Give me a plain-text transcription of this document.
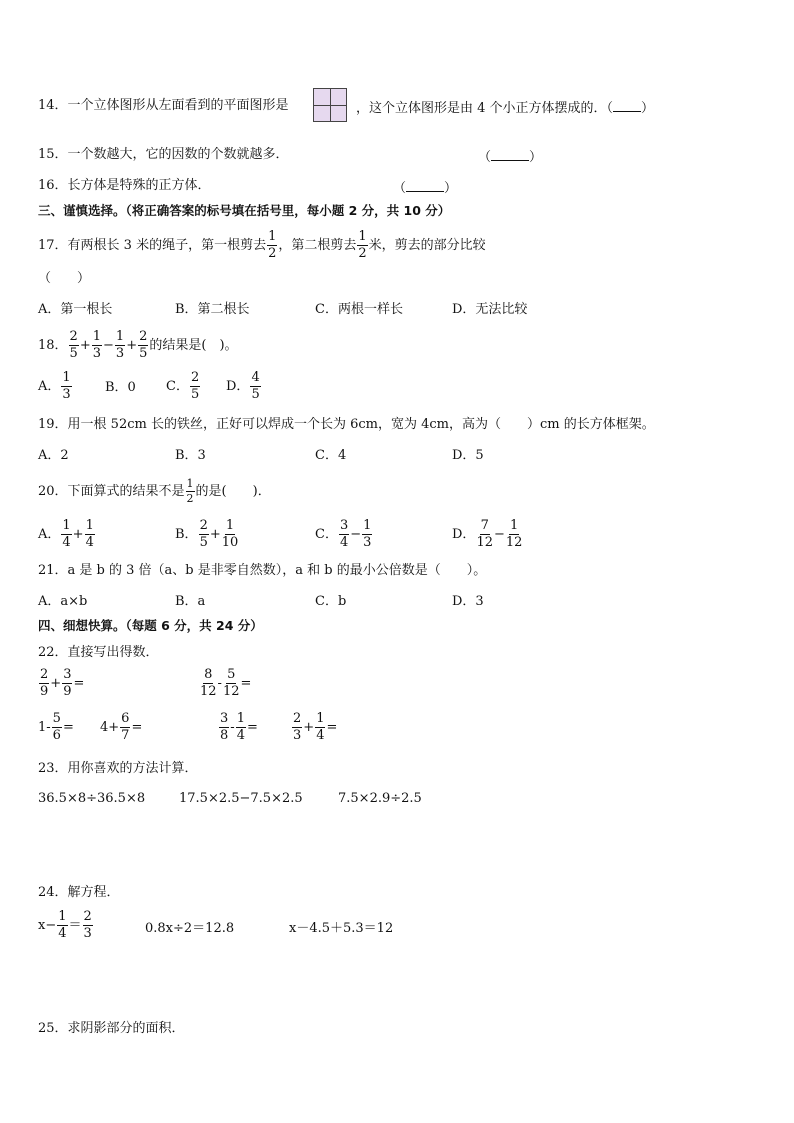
14．一个立体图形从左面看到的平面图形是	，这个立体图形是由 4 个小正方体摆成的．（ ）
15．一个数越大，它的因数的个数就越多．	（	）
16．长方体是特殊的正方体．	（	）
三、谨慎选择。（将正确答案的标号填在括号里，每小题 2 分，共 10 分）
17．有两根长 3 米的绳子，第一根剪去 $\frac{1}{2}$ ，第二根剪去 $\frac{1}{2}$ 米，剪去的部分比较
（　　）
A．第一根长	B．第二根长	C．两根一样长	D．无法比较
18． $\frac{2}{5} + \frac{1}{3} - \frac{1}{3} + \frac{2}{5}$ 的结果是(　)。
A． $\frac{1}{3}$	B．0 C． $\frac{2}{5}$ D． $\frac{4}{5}$
19．用一根 52cm 长的铁丝，正好可以焊成一个长为 6cm，宽为 4cm，高为（　　）cm 的长方体框架。
A．2	B．3	C．4	D．5
20．下面算式的结果不是 $\frac{1}{2}$ 的是(　　)．
A． $\frac{1}{4} + \frac{1}{4}$	B． $\frac{2}{5} + \frac{1}{10}$	C． $\frac{3}{4} - \frac{1}{3}$	D． $\frac{7}{12} - \frac{1}{12}$
21．a 是 b 的 3 倍（a、b 是非零自然数），a 和 b 的最小公倍数是（　　）。
A．a×b	B．a	C．b	D．3
四、细想快算。（每题 6 分，共 24 分）
22．直接写出得数．
$\frac{2}{9} + \frac{3}{9}$ =	$\frac{8}{12} - \frac{5}{12}$ =
$1- \frac{5}{6} = 4+ \frac{6}{7}$ =	$\frac{3}{8} - \frac{1}{4}$ =	$\frac{2}{3} + \frac{1}{4}$ =
23．用你喜欢的方法计算．
36.5×8÷36.5×8	17.5×2.5−7.5×2.5	7.5×2.9÷2.5
24．解方程．
$x- \frac{1}{4} = \frac{2}{3}$	0.8x÷2＝12.8	x－4.5＋5.3＝12
25．求阴影部分的面积．
